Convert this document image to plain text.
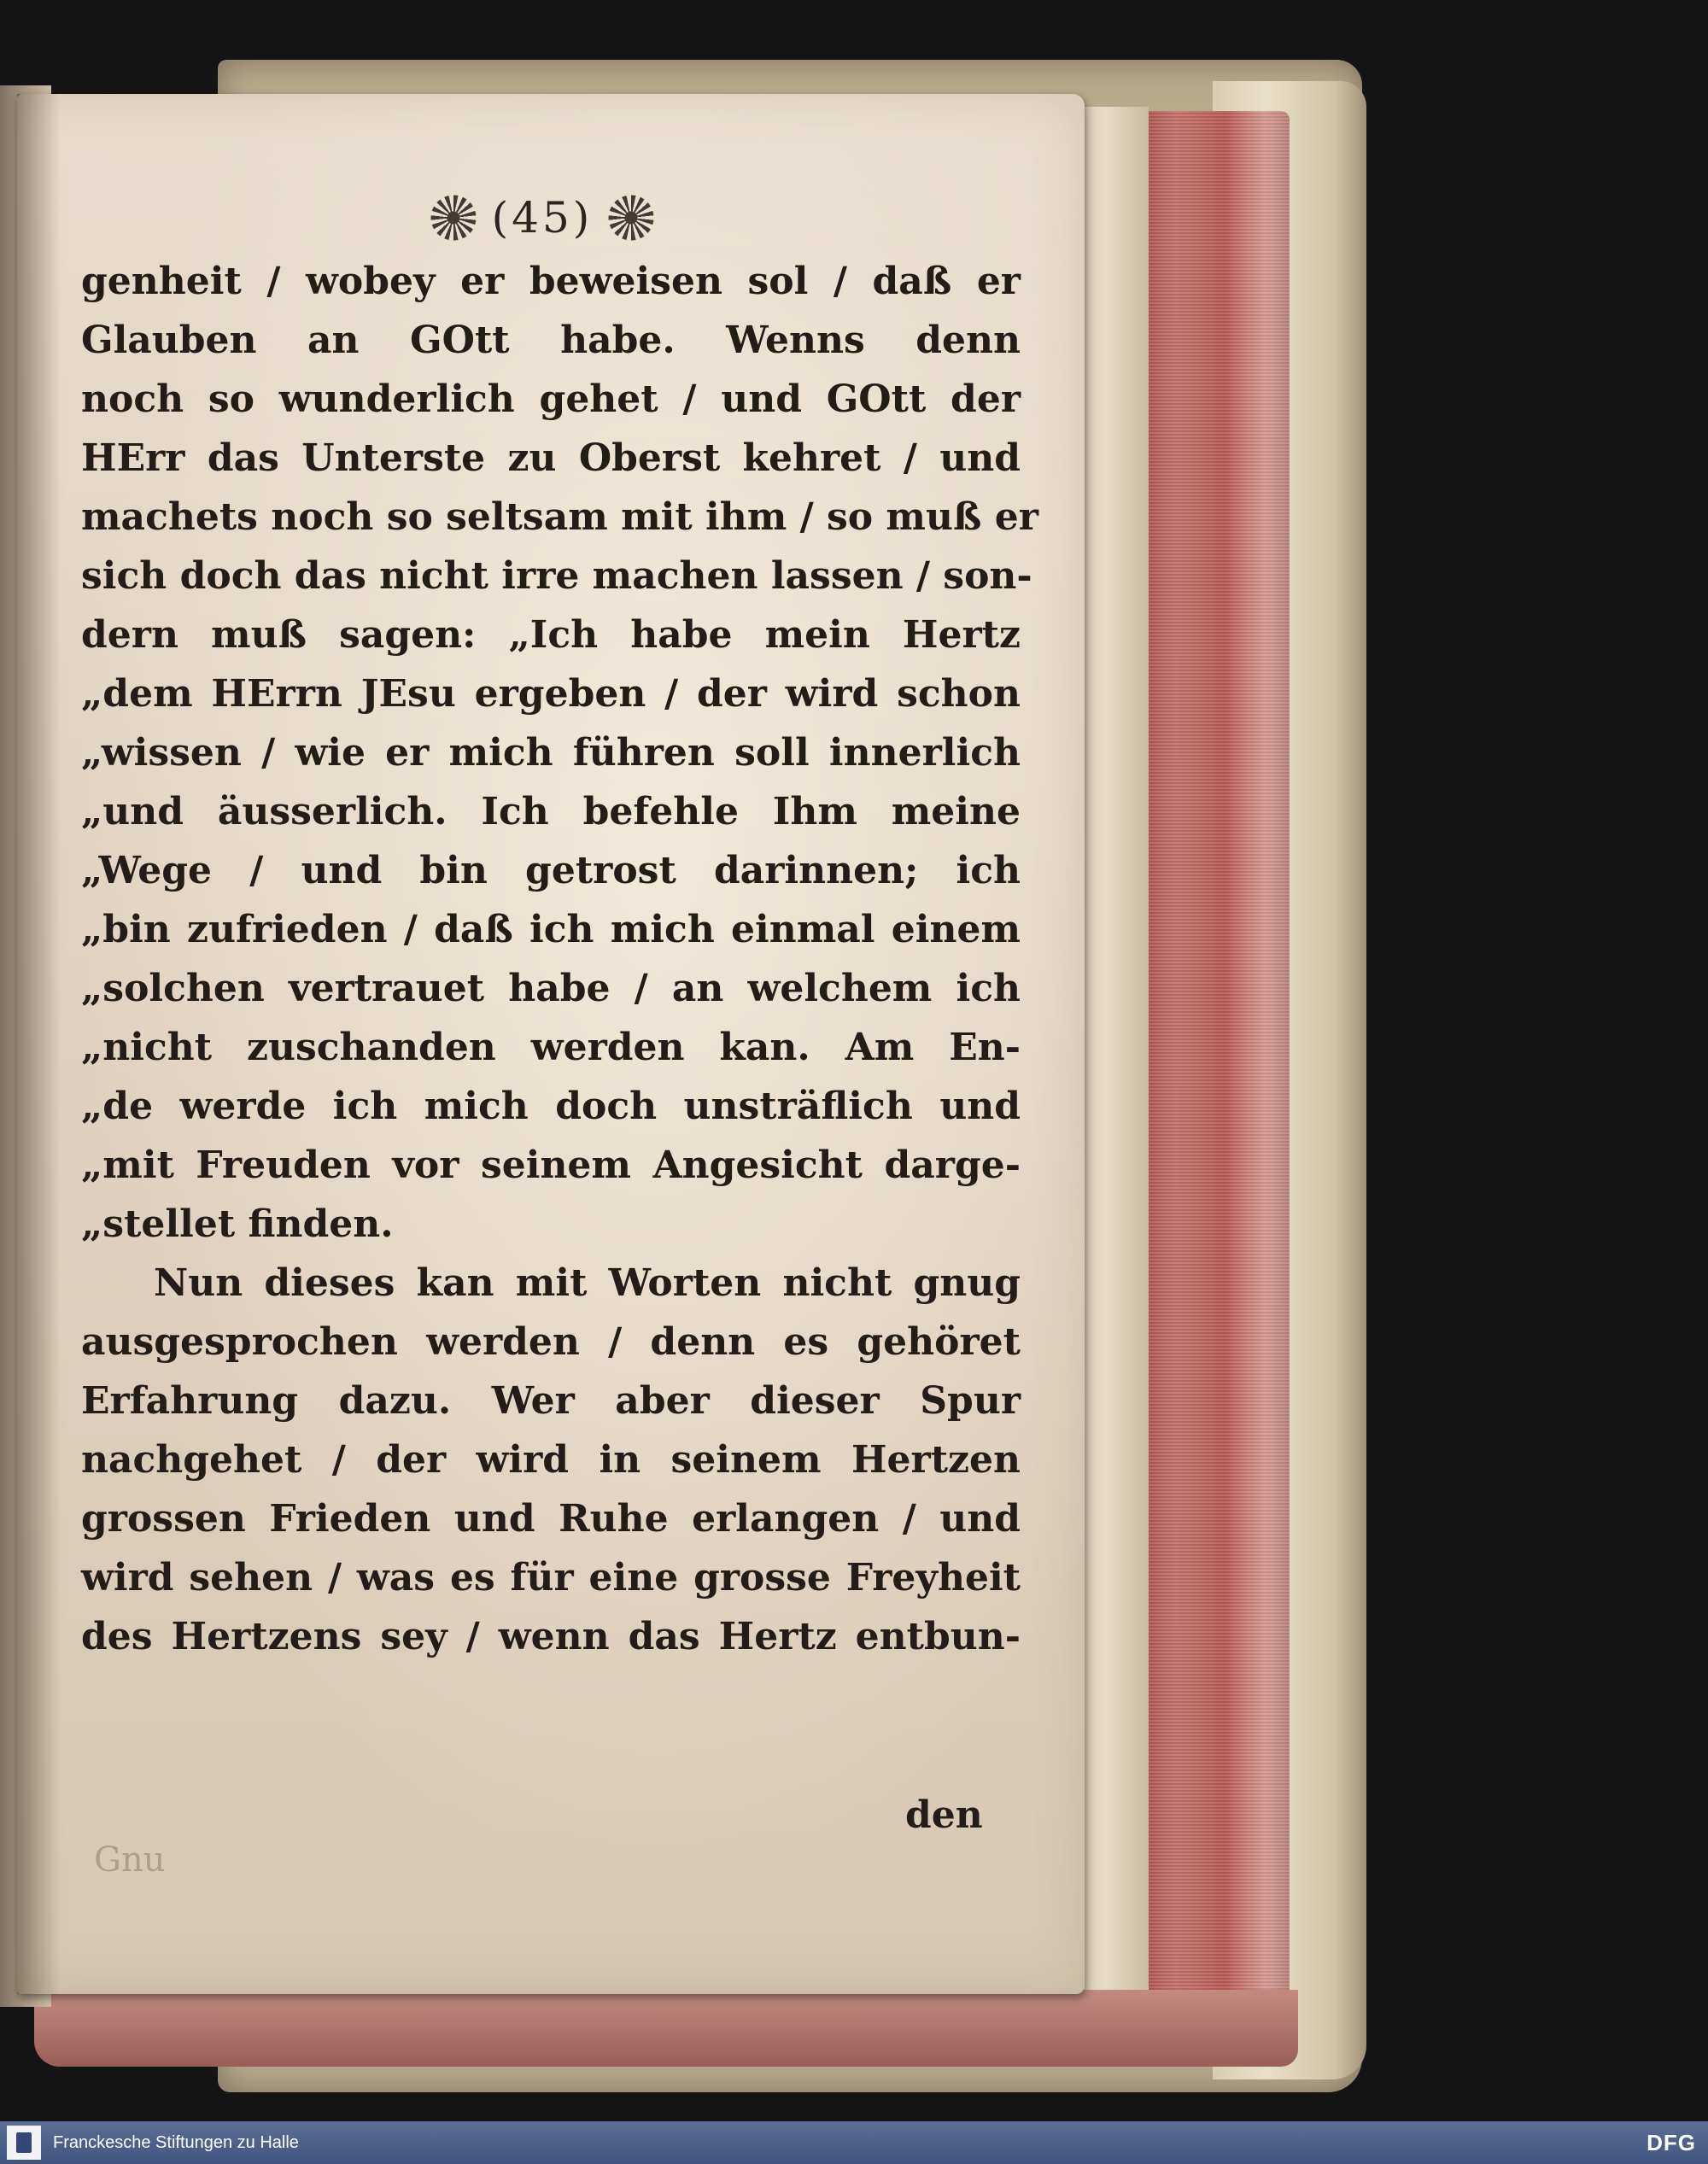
(45)
genheit / wobey er beweisen sol / daß er
Glauben an GOtt habe. Wenns denn
noch so wunderlich gehet / und GOtt der
HErr das Unterste zu Oberst kehret / und
machets noch so seltsam mit ihm / so muß er
sich doch das nicht irre machen lassen / son-
dern muß sagen: „Ich habe mein Hertz
„dem HErrn JEsu ergeben / der wird schon
„wissen / wie er mich führen soll innerlich
„und äusserlich. Ich befehle Ihm meine
„Wege / und bin getrost darinnen; ich
„bin zufrieden / daß ich mich einmal einem
„solchen vertrauet habe / an welchem ich
„nicht zuschanden werden kan. Am En-
„de werde ich mich doch unsträflich und
„mit Freuden vor seinem Angesicht darge-
„stellet finden.
Nun dieses kan mit Worten nicht gnug
ausgesprochen werden / denn es gehöret
Erfahrung dazu. Wer aber dieser Spur
nachgehet / der wird in seinem Hertzen
grossen Frieden und Ruhe erlangen / und
wird sehen / was es für eine grosse Freyheit
des Hertzens sey / wenn das Hertz entbun-
den
Gnu
Franckesche Stiftungen zu Halle	DFG
